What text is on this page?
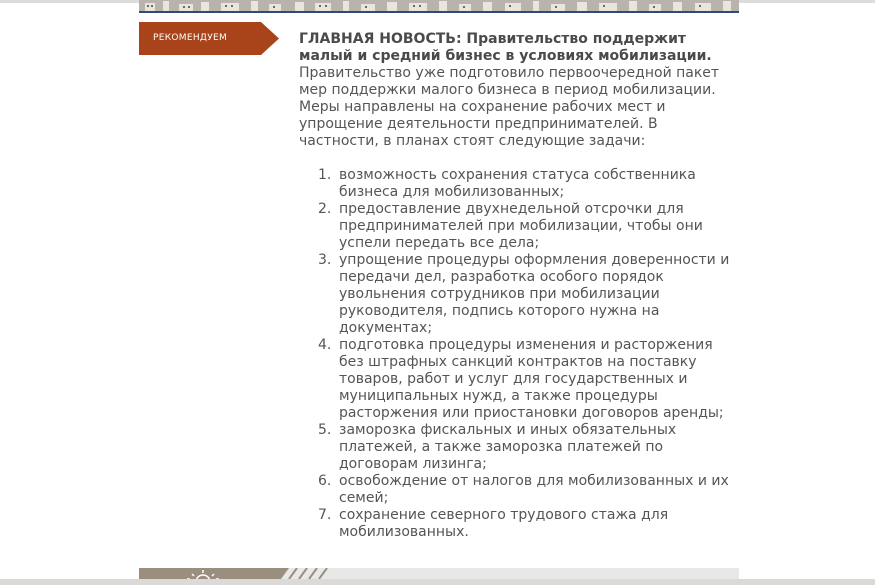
РЕКОМЕНДУЕМ	ГЛАВНАЯ НОВОСТЬ: Правительство поддержит малый и средний бизнес в условиях мобилизации.

Правительство уже подготовило первоочередной пакет мер поддержки малого бизнеса в период мобилизации. Меры направлены на сохранение рабочих мест и упрощение деятельности предпринимателей. В частности, в планах стоят следующие задачи:

1. возможность сохранения статуса собственника бизнеса для мобилизованных;
2. предоставление двухнедельной отсрочки для предпринимателей при мобилизации, чтобы они успели передать все дела;
3. упрощение процедуры оформления доверенности и передачи дел, разработка особого порядок увольнения сотрудников при мобилизации руководителя, подпись которого нужна на документах;
4. подготовка процедуры изменения и расторжения без штрафных санкций контрактов на поставку товаров, работ и услуг для государственных и муниципальных нужд, а также процедуры расторжения или приостановки договоров аренды;
5. заморозка фискальных и иных обязательных платежей, а также заморозка платежей по договорам лизинга;
6. освобождение от налогов для мобилизованных и их семей;
7. сохранение северного трудового стажа для мобилизованных.
